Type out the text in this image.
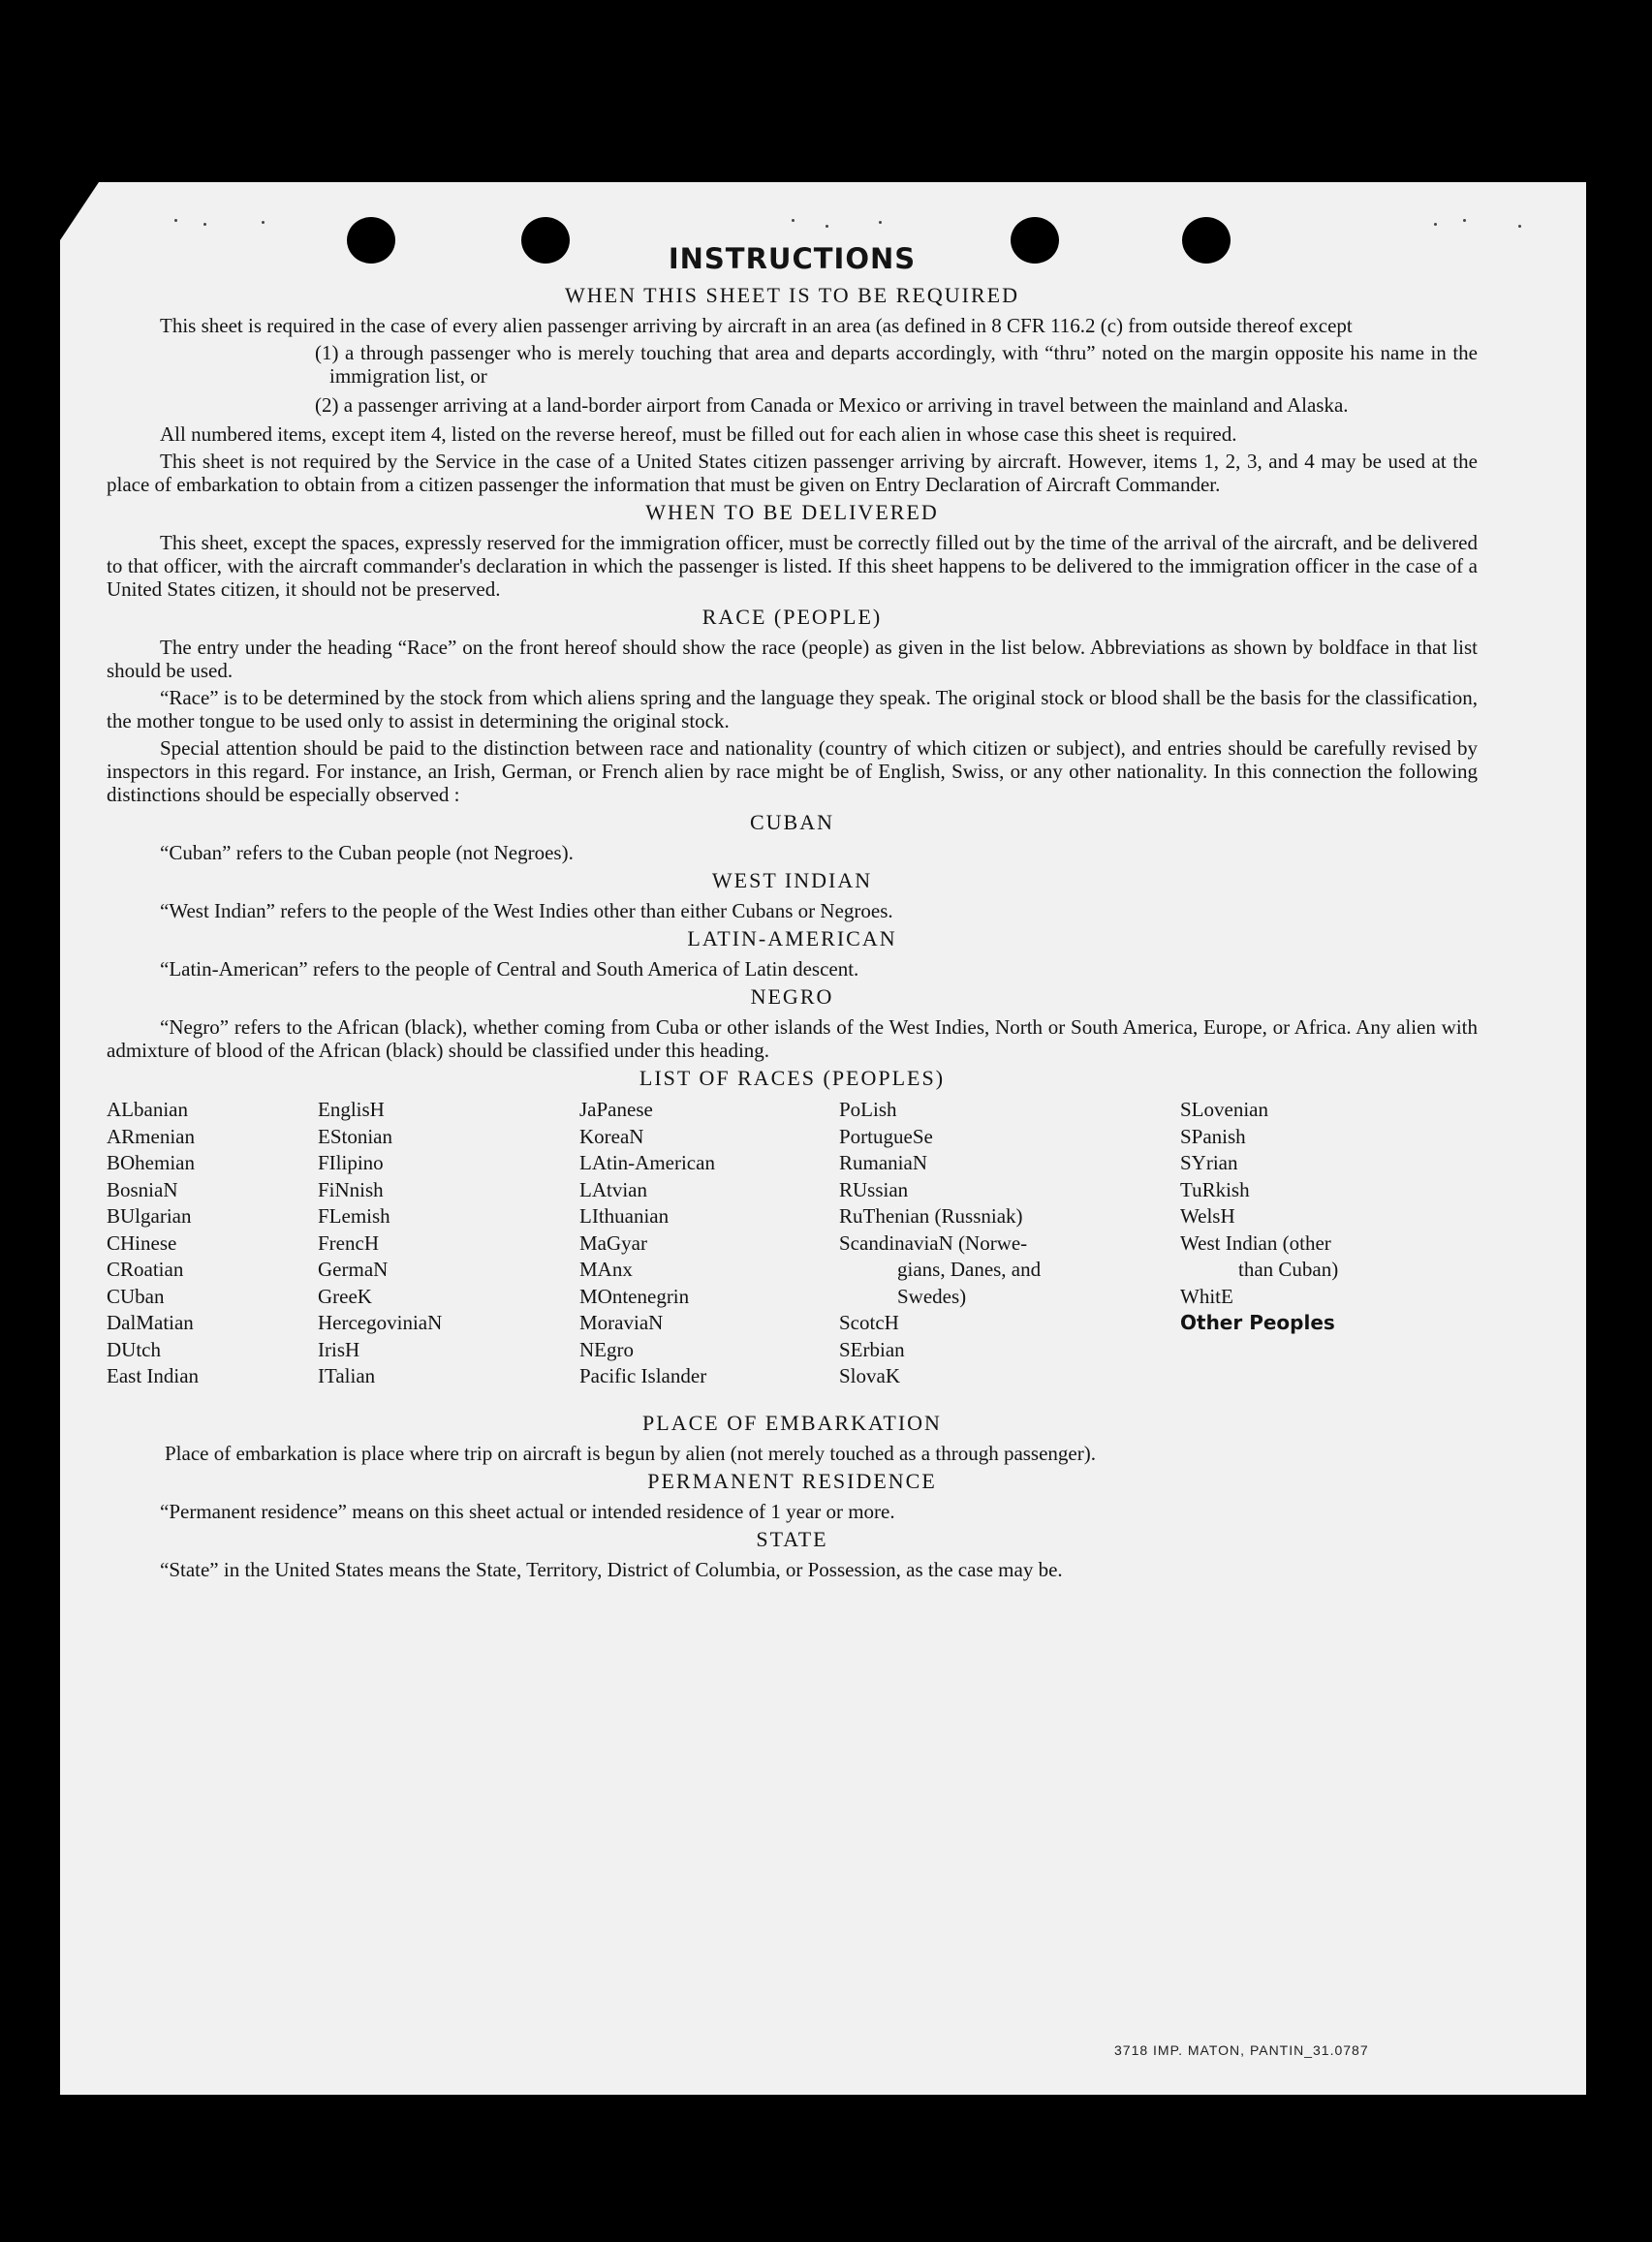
INSTRUCTIONS
WHEN THIS SHEET IS TO BE REQUIRED

This sheet is required in the case of every alien passenger arriving by aircraft in an area (as defined in 8 CFR 116.2 (c) from outside thereof except

(1) a through passenger who is merely touching that area and departs accordingly, with “thru” noted on the margin opposite his name in the immigration list, or
(2) a passenger arriving at a land-border airport from Canada or Mexico or arriving in travel between the mainland and Alaska.

All numbered items, except item 4, listed on the reverse hereof, must be filled out for each alien in whose case this sheet is required.

This sheet is not required by the Service in the case of a United States citizen passenger arriving by aircraft. However, items 1, 2, 3, and 4 may be used at the place of embarkation to obtain from a citizen passenger the information that must be given on Entry Declaration of Aircraft Commander.

WHEN TO BE DELIVERED

This sheet, except the spaces, expressly reserved for the immigration officer, must be correctly filled out by the time of the arrival of the aircraft, and be delivered to that officer, with the aircraft commander's declaration in which the passenger is listed. If this sheet happens to be delivered to the immigration officer in the case of a United States citizen, it should not be preserved.

RACE (PEOPLE)

The entry under the heading “Race” on the front hereof should show the race (people) as given in the list below. Abbreviations as shown by boldface in that list should be used.

“Race” is to be determined by the stock from which aliens spring and the language they speak. The original stock or blood shall be the basis for the classification, the mother tongue to be used only to assist in determining the original stock.

Special attention should be paid to the distinction between race and nationality (country of which citizen or subject), and entries should be carefully revised by inspectors in this regard. For instance, an Irish, German, or French alien by race might be of English, Swiss, or any other nationality. In this connection the following distinctions should be especially observed :

CUBAN

“Cuban” refers to the Cuban people (not Negroes).

WEST INDIAN

“West Indian” refers to the people of the West Indies other than either Cubans or Negroes.

LATIN-AMERICAN

“Latin-American” refers to the people of Central and South America of Latin descent.

NEGRO

“Negro” refers to the African (black), whether coming from Cuba or other islands of the West Indies, North or South America, Europe, or Africa. Any alien with admixture of blood of the African (black) should be classified under this heading.

LIST OF RACES (PEOPLES)
ALbanian
ARmenian
BOhemian
BosniaN
BUlgarian
CHinese
CRoatian
CUban
DalMatian
DUtch
East Indian
EnglisH
EStonian
FIlipino
FiNnish
FLemish
FrencH
GermaN
GreeK
HercegoviniaN
IrisH
ITalian
JaPanese
KoreaN
LAtin-American
LAtvian
LIthuanian
MaGyar
MAnx
MOntenegrin
MoraviaN
NEgro
Pacific Islander
PoLish
PortugueSe
RumaniaN
RUssian
RuThenian (Russniak)
ScandinaviaN (Norwe-
gians, Danes, and
Swedes)
ScotcH
SErbian
SlovaK
SLovenian
SPanish
SYrian
TuRkish
WelsH
West Indian (other
than Cuban)
WhitE
Other Peoples
PLACE OF EMBARKATION

Place of embarkation is place where trip on aircraft is begun by alien (not merely touched as a through passenger).

PERMANENT RESIDENCE

“Permanent residence” means on this sheet actual or intended residence of 1 year or more.

STATE

“State” in the United States means the State, Territory, District of Columbia, or Possession, as the case may be.

3718 IMP. MATON, PANTIN_31.0787
